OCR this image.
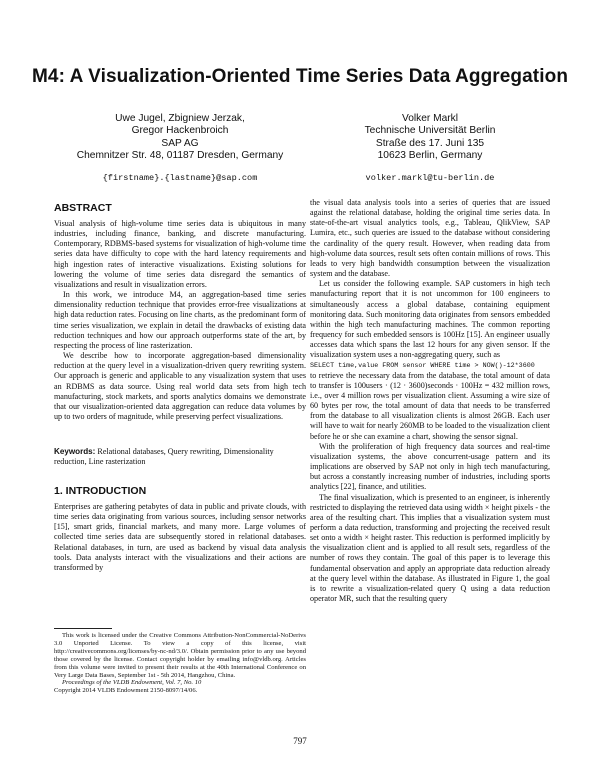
M4: A Visualization-Oriented Time Series Data Aggregation
Uwe Jugel, Zbigniew Jerzak,
Gregor Hackenbroich
SAP AG
Chemnitzer Str. 48, 01187 Dresden, Germany
{firstname}.{lastname}@sap.com
Volker Markl
Technische Universität Berlin
Straße des 17. Juni 135
10623 Berlin, Germany
volker.markl@tu-berlin.de
ABSTRACT

Visual analysis of high-volume time series data is ubiquitous in many industries, including finance, banking, and discrete manufacturing. Contemporary, RDBMS-based systems for visualization of high-volume time series data have difficulty to cope with the hard latency requirements and high ingestion rates of interactive visualizations. Existing solutions for lowering the volume of time series data disregard the semantics of visualizations and result in visualization errors.

In this work, we introduce M4, an aggregation-based time series dimensionality reduction technique that provides error-free visualizations at high data reduction rates. Focusing on line charts, as the predominant form of time series visualization, we explain in detail the drawbacks of existing data reduction techniques and how our approach outperforms state of the art, by respecting the process of line rasterization.

We describe how to incorporate aggregation-based dimensionality reduction at the query level in a visualization-driven query rewriting system. Our approach is generic and applicable to any visualization system that uses an RDBMS as data source. Using real world data sets from high tech manufacturing, stock markets, and sports analytics domains we demonstrate that our visualization-oriented data aggregation can reduce data volumes by up to two orders of magnitude, while preserving perfect visualizations.

Keywords: Relational databases, Query rewriting, Dimensionality reduction, Line rasterization
1. INTRODUCTION

Enterprises are gathering petabytes of data in public and private clouds, with time series data originating from various sources, including sensor networks [15], smart grids, financial markets, and many more. Large volumes of collected time series data are subsequently stored in relational databases. Relational databases, in turn, are used as backend by visual data analysis tools. Data analysts interact with the visualizations and their actions are transformed by

This work is licensed under the Creative Commons Attribution-NonCommercial-NoDerivs 3.0 Unported License. To view a copy of this license, visit http://creativecommons.org/licenses/by-nc-nd/3.0/. Obtain permission prior to any use beyond those covered by the license. Contact copyright holder by emailing info@vldb.org. Articles from this volume were invited to present their results at the 40th International Conference on Very Large Data Bases, September 1st - 5th 2014, Hangzhou, China.

Proceedings of the VLDB Endowment, Vol. 7, No. 10

Copyright 2014 VLDB Endowment 2150-8097/14/06.

the visual data analysis tools into a series of queries that are issued against the relational database, holding the original time series data. In state-of-the-art visual analytics tools, e.g., Tableau, QlikView, SAP Lumira, etc., such queries are issued to the database without considering the cardinality of the query result. However, when reading data from high-volume data sources, result sets often contain millions of rows. This leads to very high bandwidth consumption between the visualization system and the database.

Let us consider the following example. SAP customers in high tech manufacturing report that it is not uncommon for 100 engineers to simultaneously access a global database, containing equipment monitoring data. Such monitoring data originates from sensors embedded within the high tech manufacturing machines. The common reporting frequency for such embedded sensors is 100Hz [15]. An engineer usually accesses data which spans the last 12 hours for any given sensor. If the visualization system uses a non-aggregating query, such as

SELECT time,value FROM sensor WHERE time > NOW()-12*3600

to retrieve the necessary data from the database, the total amount of data to transfer is 100users · (12 · 3600)seconds · 100Hz = 432 million rows, i.e., over 4 million rows per visualization client. Assuming a wire size of 60 bytes per row, the total amount of data that needs to be transferred from the database to all visualization clients is almost 26GB. Each user will have to wait for nearly 260MB to be loaded to the visualization client before he or she can examine a chart, showing the sensor signal.

With the proliferation of high frequency data sources and real-time visualization systems, the above concurrent-usage pattern and its implications are observed by SAP not only in high tech manufacturing, but across a constantly increasing number of industries, including sports analytics [22], finance, and utilities.

The final visualization, which is presented to an engineer, is inherently restricted to displaying the retrieved data using width × height pixels - the area of the resulting chart. This implies that a visualization system must perform a data reduction, transforming and projecting the received result set onto a width × height raster. This reduction is performed implicitly by the visualization client and is applied to all result sets, regardless of the number of rows they contain. The goal of this paper is to leverage this fundamental observation and apply an appropriate data reduction already at the query level within the database. As illustrated in Figure 1, the goal is to rewrite a visualization-related query Q using a data reduction operator MR, such that the resulting query

797
